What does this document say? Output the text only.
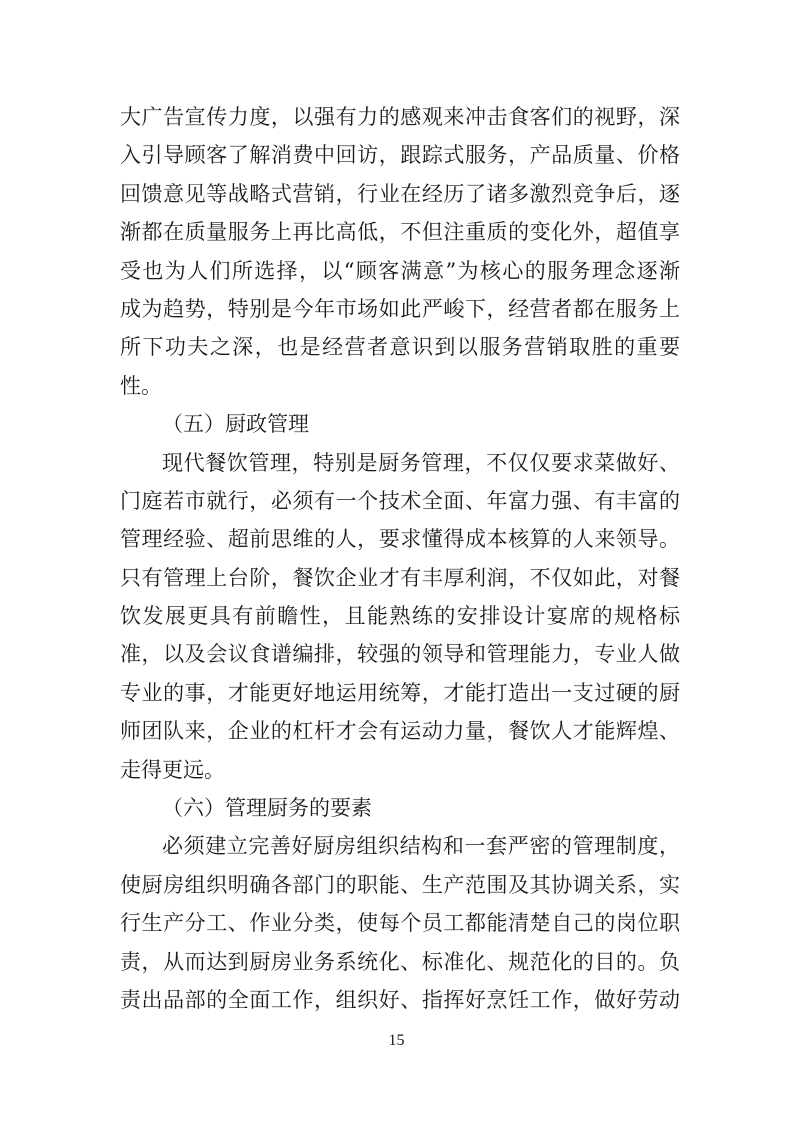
大广告宣传力度，以强有力的感观来冲击食客们的视野，深
入引导顾客了解消费中回访，跟踪式服务，产品质量、价格
回馈意见等战略式营销，行业在经历了诸多激烈竞争后，逐
渐都在质量服务上再比高低，不但注重质的变化外，超值享
受也为人们所选择，以“顾客满意”为核心的服务理念逐渐
成为趋势，特别是今年市场如此严峻下，经营者都在服务上
所下功夫之深，也是经营者意识到以服务营销取胜的重要
性。
（五）厨政管理
现代餐饮管理，特别是厨务管理，不仅仅要求菜做好、
门庭若市就行，必须有一个技术全面、年富力强、有丰富的
管理经验、超前思维的人，要求懂得成本核算的人来领导。
只有管理上台阶，餐饮企业才有丰厚利润，不仅如此，对餐
饮发展更具有前瞻性，且能熟练的安排设计宴席的规格标
准，以及会议食谱编排，较强的领导和管理能力，专业人做
专业的事，才能更好地运用统筹，才能打造出一支过硬的厨
师团队来，企业的杠杆才会有运动力量，餐饮人才能辉煌、
走得更远。
（六）管理厨务的要素
必须建立完善好厨房组织结构和一套严密的管理制度，
使厨房组织明确各部门的职能、生产范围及其协调关系，实
行生产分工、作业分类，使每个员工都能清楚自己的岗位职
责，从而达到厨房业务系统化、标准化、规范化的目的。负
责出品部的全面工作，组织好、指挥好烹饪工作，做好劳动
15
